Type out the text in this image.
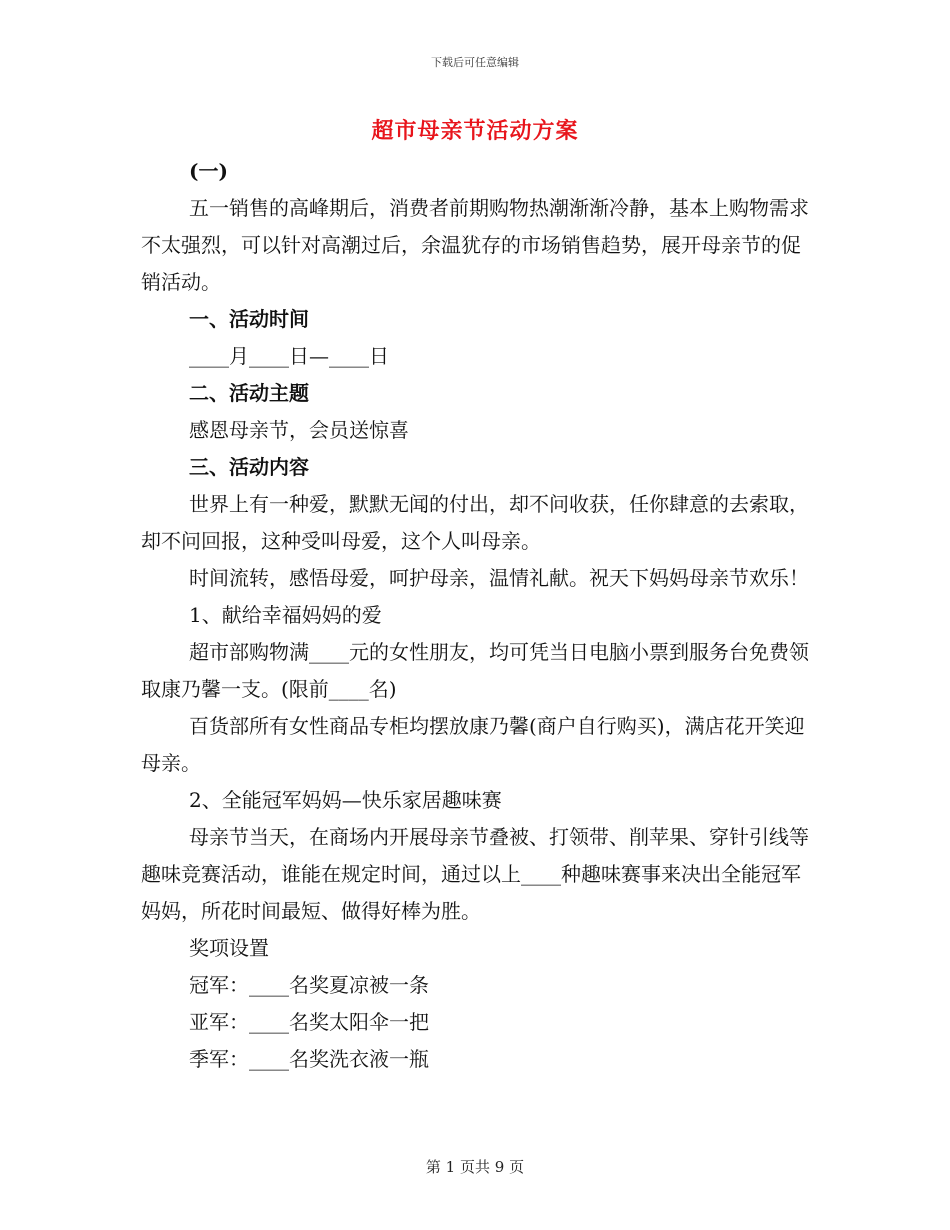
下载后可任意编辑
超市母亲节活动方案

(一)

五一销售的高峰期后，消费者前期购物热潮渐渐冷静，基本上购物需求不太强烈，可以针对高潮过后，余温犹存的市场销售趋势，展开母亲节的促销活动。

一、活动时间

____月____日—____日

二、活动主题

感恩母亲节，会员送惊喜

三、活动内容

世界上有一种爱，默默无闻的付出，却不问收获，任你肆意的去索取，却不问回报，这种受叫母爱，这个人叫母亲。

时间流转，感悟母爱，呵护母亲，温情礼献。祝天下妈妈母亲节欢乐！

1、献给幸福妈妈的爱

超市部购物满____元的女性朋友，均可凭当日电脑小票到服务台免费领取康乃馨一支。(限前____名)

百货部所有女性商品专柜均摆放康乃馨(商户自行购买)，满店花开笑迎母亲。

2、全能冠军妈妈—快乐家居趣味赛

母亲节当天，在商场内开展母亲节叠被、打领带、削苹果、穿针引线等趣味竞赛活动，谁能在规定时间，通过以上____种趣味赛事来决出全能冠军妈妈，所花时间最短、做得好棒为胜。

奖项设置

冠军：____名奖夏凉被一条

亚军：____名奖太阳伞一把

季军：____名奖洗衣液一瓶

第 1 页共 9 页
